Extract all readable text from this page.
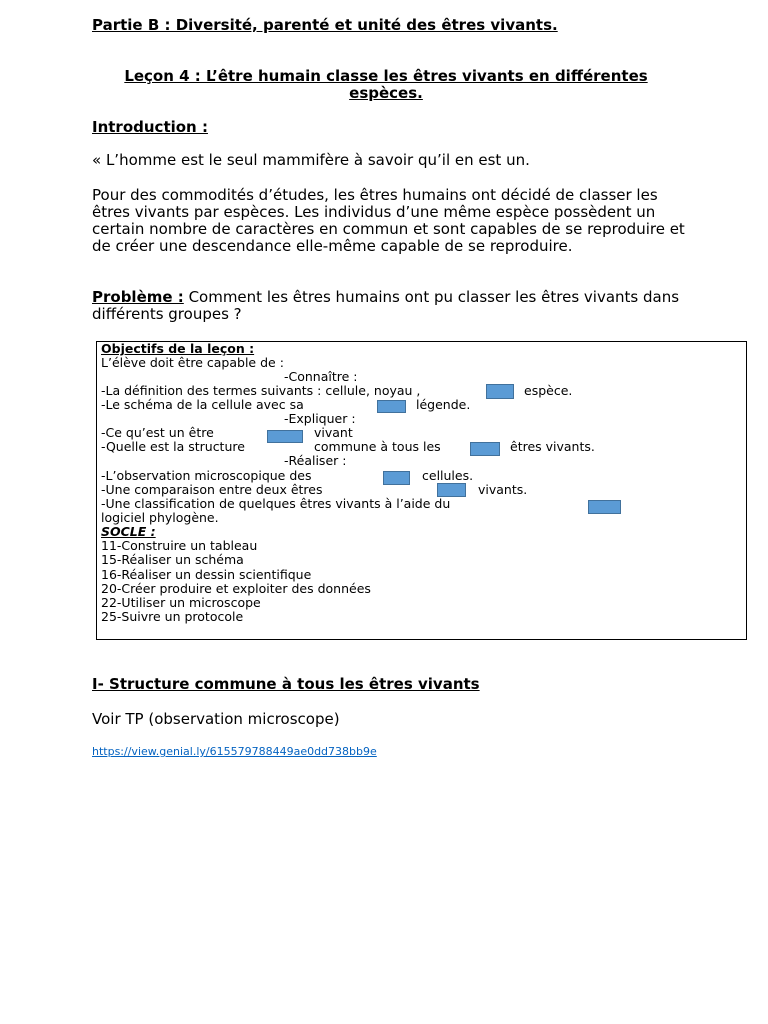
Partie B : Diversité, parenté et unité des êtres vivants.
Leçon 4 : L’être humain classe les êtres vivants en différentes espèces.
Introduction :
« L’homme est le seul mammifère à savoir qu’il en est un.
Pour des commodités d’études, les êtres humains ont décidé de classer les êtres vivants par espèces. Les individus d’une même espèce possèdent un certain nombre de caractères en commun et sont capables de se reproduire et de créer une descendance elle-même capable de se reproduire.
Problème : Comment les êtres humains ont pu classer les êtres vivants dans différents groupes ?
Objectifs de la leçon :
L’élève doit être capable de :
-Connaître :
-La définition des termes suivants : cellule, noyau ,	espèce.
-Le schéma de la cellule avec sa	légende.
-Expliquer :
-Ce qu’est un être	vivant
-Quelle est la structure	commune à tous les	êtres vivants.
-Réaliser :
-L’observation microscopique des	cellules.
-Une comparaison entre deux êtres	vivants.
-Une classification de quelques êtres vivants à l’aide du
logiciel phylogène.
SOCLE :
11-Construire un tableau
15-Réaliser un schéma
16-Réaliser un dessin scientifique
20-Créer produire et exploiter des données
22-Utiliser un microscope
25-Suivre un protocole
I- Structure commune à tous les êtres vivants
Voir TP (observation microscope)
https://view.genial.ly/615579788449ae0dd738bb9e
